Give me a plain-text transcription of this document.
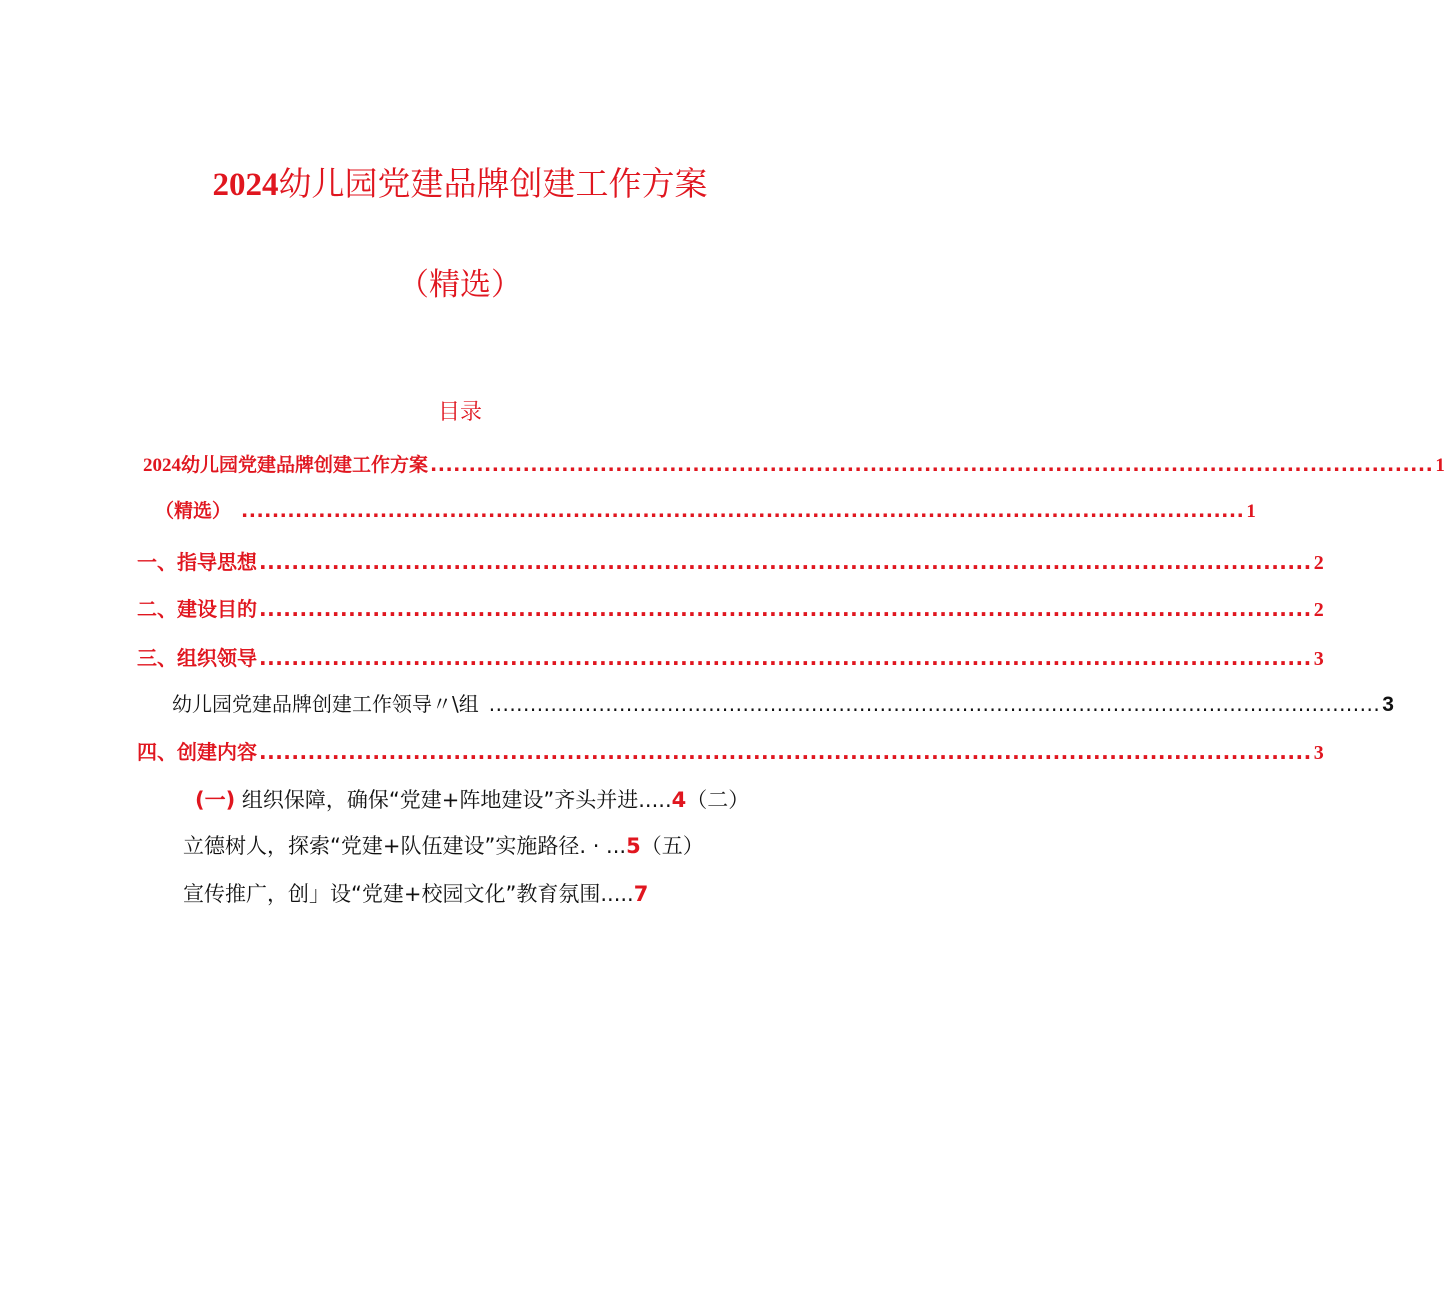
2024幼儿园党建品牌创建工作方案
（精选）
目录
2024幼儿园党建品牌创建工作方案 .................................................................................................................................. 1
（精选） .................................................................................................................................. 1
一、指导思想 .................................................................................................................................. 2
二、建设目的 .................................................................................................................................. 2
三、组织领导 .................................................................................................................................. 3
幼儿园党建品牌创建工作领导〃\组 .................................................................................................................................. 3
四、创建内容 .................................................................................................................................. 3
(一) 组织保障，确保“党建+阵地建设”齐头并进.....4（二）
立德树人，探索“党建+队伍建设”实施路径. · ...5（五）
宣传推广，创」设“党建+校园文化”教育氛围.....7
